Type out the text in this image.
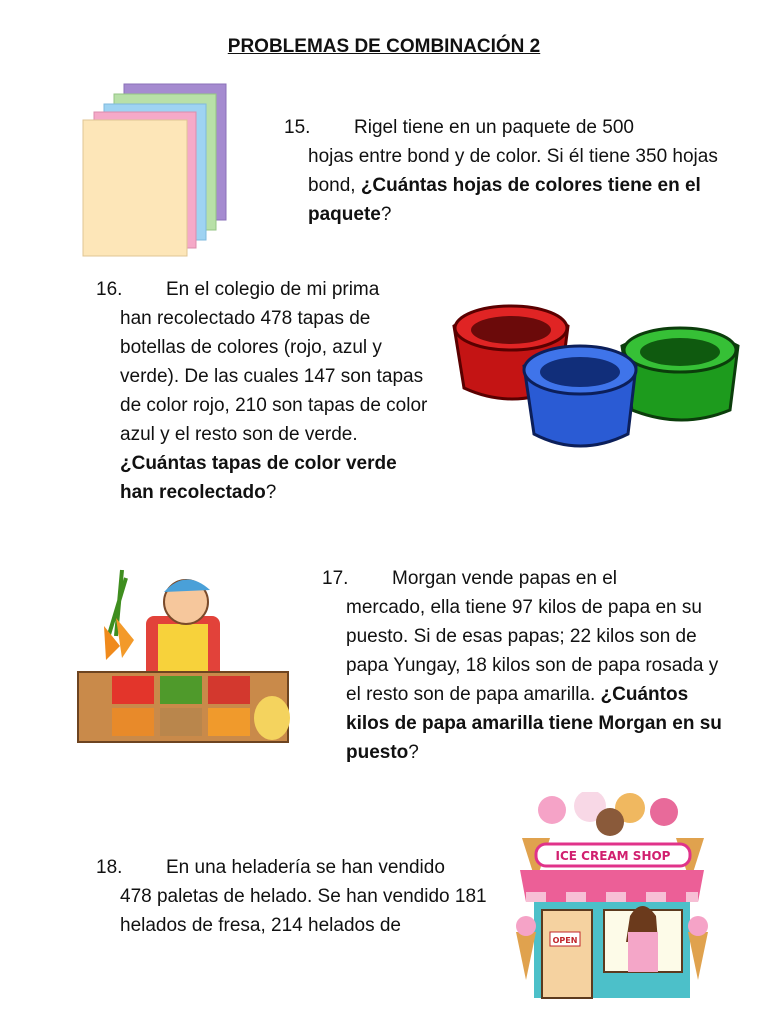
PROBLEMAS DE COMBINACIÓN 2
15. Rigel tiene en un paquete de 500
hojas entre bond y de color. Si él tiene 350 hojas bond, ¿Cuántas hojas de colores tiene en el paquete?
16. En el colegio de mi prima
han recolectado 478 tapas de botellas de colores (rojo, azul y verde). De las cuales 147 son tapas de color rojo, 210 son tapas de color azul y el resto son de verde. ¿Cuántas tapas de color verde han recolectado?
17. Morgan vende papas en el
mercado, ella tiene 97 kilos de papa en su puesto. Si de esas papas; 22 kilos son de papa Yungay, 18 kilos son de papa rosada y el resto son de papa amarilla. ¿Cuántos kilos de papa amarilla tiene Morgan en su puesto?
18. En una heladería se han vendido
478 paletas de helado. Se han vendido 181 helados de fresa, 214 helados de
ICE CREAM SHOP
OPEN
